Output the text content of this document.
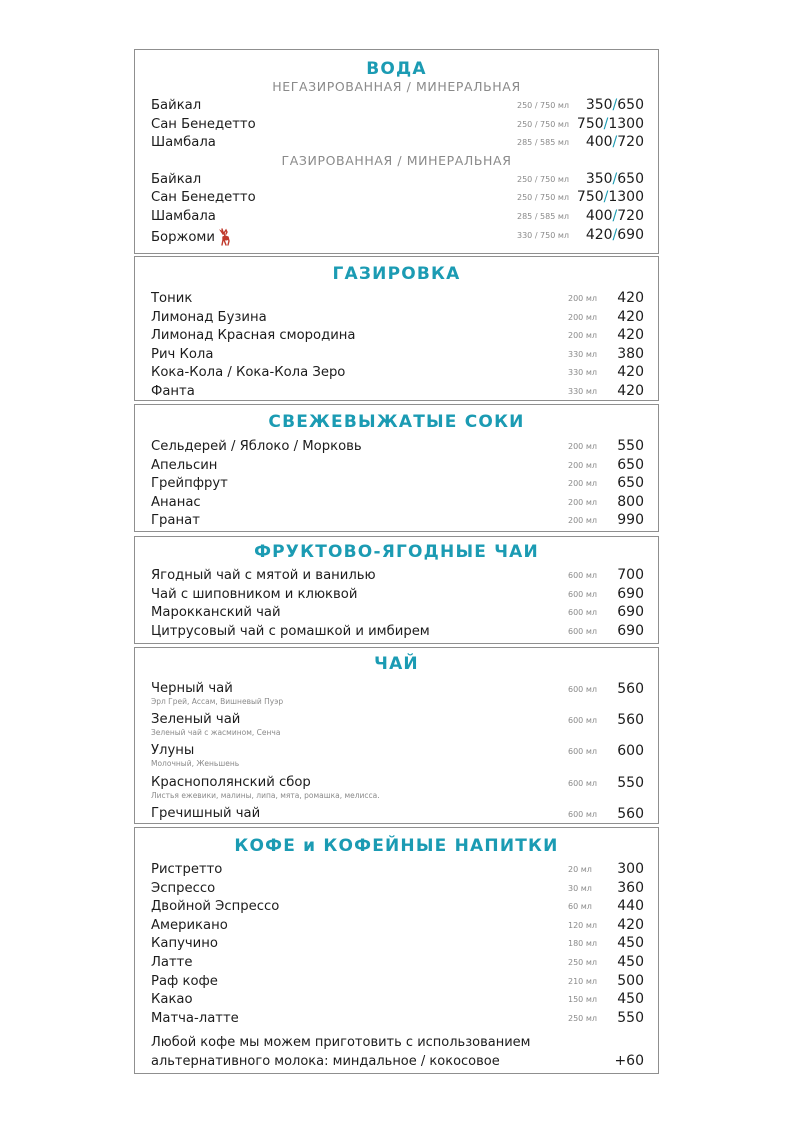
ВОДА
НЕГАЗИРОВАННАЯ / МИНЕРАЛЬНАЯ
Байкал	250 / 750 мл 350/650
Сан Бенедетто	250 / 750 мл 750/1300
Шамбала	285 / 585 мл 400/720
ГАЗИРОВАННАЯ / МИНЕРАЛЬНАЯ
Байкал	250 / 750 мл 350/650
Сан Бенедетто	250 / 750 мл 750/1300
Шамбала	285 / 585 мл 400/720
Боржоми	330 / 750 мл 420/690
ГАЗИРОВКА
Тоник	200 мл 420
Лимонад Бузина	200 мл 420
Лимонад Красная смородина	200 мл 420
Рич Кола	330 мл 380
Кока-Кола / Кока-Кола Зеро	330 мл 420
Фанта	330 мл 420
СВЕЖЕВЫЖАТЫЕ СОКИ
Сельдерей / Яблоко / Морковь	200 мл 550
Апельсин	200 мл 650
Грейпфрут	200 мл 650
Ананас	200 мл 800
Гранат	200 мл 990
ФРУКТОВО-ЯГОДНЫЕ ЧАИ
Ягодный чай с мятой и ванилью	600 мл 700
Чай с шиповником и клюквой	600 мл 690
Марокканский чай	600 мл 690
Цитрусовый чай с ромашкой и имбирем	600 мл 690
ЧАЙ
Черный чай
Эрл Грей, Ассам, Вишневый Пуэр
600 мл 560
Зеленый чай
Зеленый чай с жасмином, Сенча
600 мл 560
Улуны
Молочный, Женьшень
600 мл 600
Краснополянский сбор
Листья ежевики, малины, липа, мята, ромашка, мелисса.
600 мл 550
Гречишный чай	600 мл 560
КОФЕ и КОФЕЙНЫЕ НАПИТКИ
Ристретто	20 мл 300
Эспрессо	30 мл 360
Двойной Эспрессо	60 мл 440
Американо	120 мл 420
Капучино	180 мл 450
Латте	250 мл 450
Раф кофе	210 мл 500
Какао	150 мл 450
Матча-латте	250 мл 550
Любой кофе мы можем приготовить с использованием
альтернативного молока: миндальное / кокосовое	+60
